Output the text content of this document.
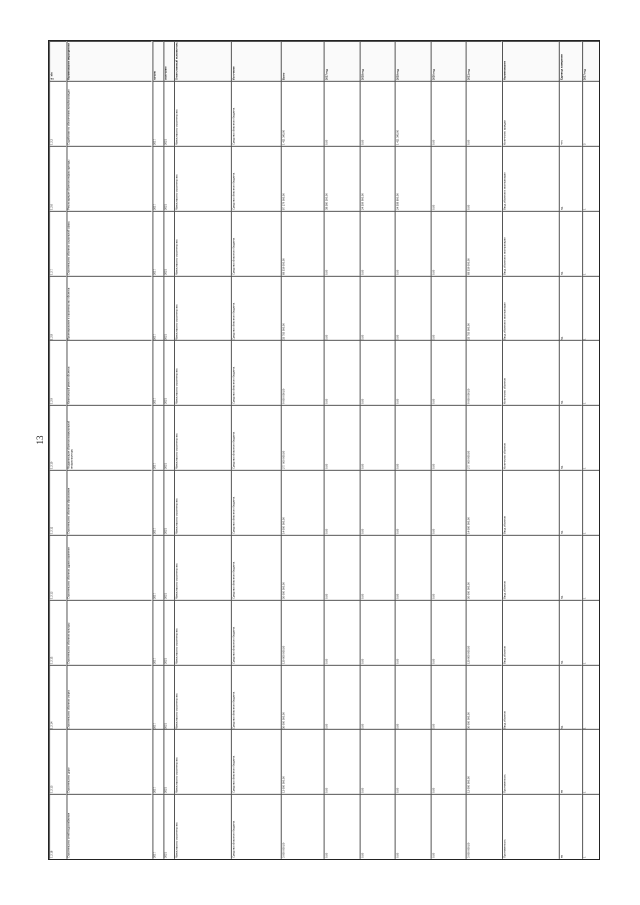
13
№ п/п	Наименование мероприятия	начало	окончание	Ответственный исполнитель	Источники	Всего	2017 год	2018 год	2019 год	2020 год	2021 год	Наименование	Единица измерения	2017 год
1.2.2	Содействие по обеспечению жильём граждан	2017	2021	Министерство строительства	Средства областного бюджета	1 411 345,00	0,00	0,00	1 411 345,00	0,00	0,00	Количество граждан	чел.	5
1.2.6	Реконструкция объектов инфраструктуры	2017	2021	Министерство строительства	Средства областного бюджета	87 179 000,00	38 560 500,00	24 309 900,00	24 308 600,00	0,00	0,00	Ввод объектов в эксплуатацию	ед.	1
1.2.7	Строительство объектов социальной сферы	2017	2021	Министерство строительства	Средства областного бюджета	68 319 000,00	0,00	0,00	0,00	0,00	68 319 000,00	Ввод объектов в эксплуатацию	ед.	1
1.2.8	Проектирование и строительство объектов	2017	2021	Министерство строительства	Средства областного бюджета	33 792 000,00	0,00	0,00	0,00	0,00	33 792 000,00	Ввод объектов в эксплуатацию	ед.	1
1.2.9	Капитальный ремонт объектов	2017	2021	Министерство строительства	Средства областного бюджета	9 000 000,00	0,00	0,00	0,00	0,00	9 000 000,00	Количество объектов	ед.	1
1.2.10	Модернизация объектов коммунальной инфраструктуры	2017	2021	Министерство строительства	Средства областного бюджета	277 000 000,00	0,00	0,00	0,00	0,00	277 000 000,00	Количество объектов	ед.	1
1.2.11	Строительство объектов образования	2017	2021	Министерство строительства	Средства областного бюджета	14 000 000,00	0,00	0,00	0,00	0,00	14 000 000,00	Ввод объектов	ед.	1
1.2.12	Строительство объектов здравоохранения	2017	2021	Министерство строительства	Средства областного бюджета	50 000 000,00	0,00	0,00	0,00	0,00	50 000 000,00	Ввод объектов	ед.	1
1.2.13	Строительство объектов культуры	2017	2021	Министерство строительства	Средства областного бюджета	120 000 000,00	0,00	0,00	0,00	0,00	120 000 000,00	Ввод объектов	ед.	1
1.2.14	Строительство объектов спорта	2017	2021	Министерство строительства	Средства областного бюджета	30 000 000,00	0,00	0,00	0,00	0,00	30 000 000,00	Ввод объектов	ед.	1
1.2.15	Строительство дорог	2017	2021	Министерство строительства	Средства областного бюджета	12 000 000,00	0,00	0,00	0,00	0,00	12 000 000,00	Протяженность	км	1
1.2.16	Строительство сетей водоснабжения	2017	2021	Министерство строительства	Средства областного бюджета	3 000 000,00	0,00	0,00	0,00	0,00	3 000 000,00	Протяженность	км	1
